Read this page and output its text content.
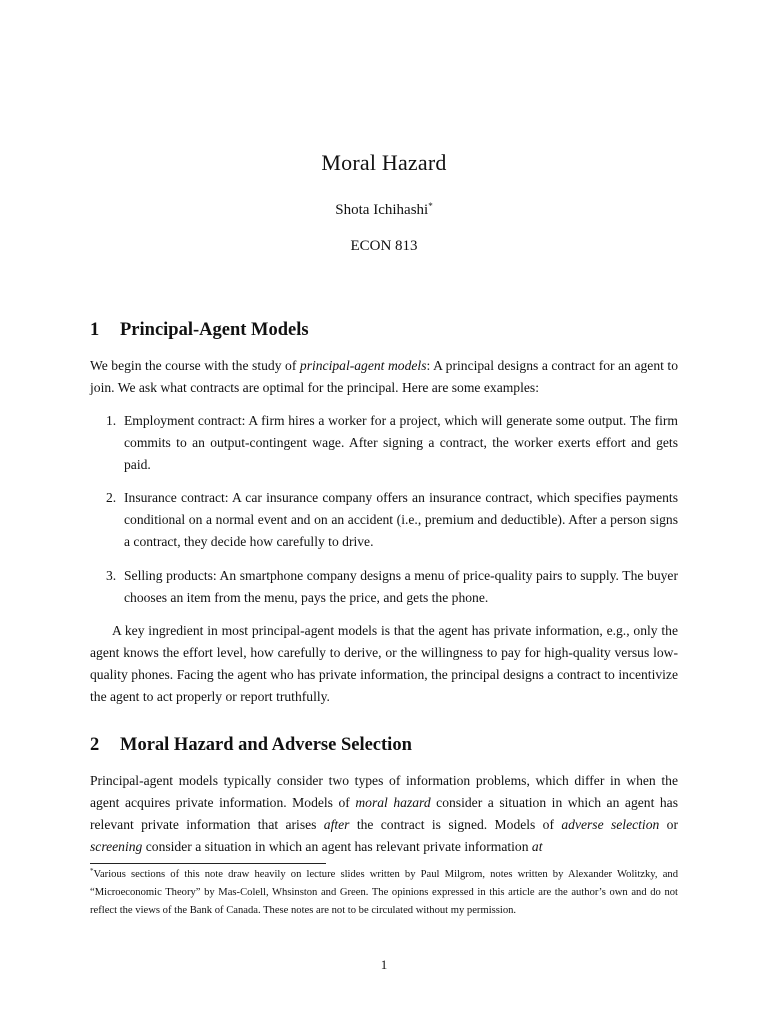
Moral Hazard
Shota Ichihashi*
ECON 813
1 Principal-Agent Models

We begin the course with the study of principal-agent models: A principal designs a contract for an agent to join. We ask what contracts are optimal for the principal. Here are some examples:

1. Employment contract: A firm hires a worker for a project, which will generate some output. The firm commits to an output-contingent wage. After signing a contract, the worker exerts effort and gets paid.
2. Insurance contract: A car insurance company offers an insurance contract, which specifies payments conditional on a normal event and on an accident (i.e., premium and deductible). After a person signs a contract, they decide how carefully to drive.
3. Selling products: An smartphone company designs a menu of price-quality pairs to supply. The buyer chooses an item from the menu, pays the price, and gets the phone.

A key ingredient in most principal-agent models is that the agent has private information, e.g., only the agent knows the effort level, how carefully to derive, or the willingness to pay for high-quality versus low-quality phones. Facing the agent who has private information, the principal designs a contract to incentivize the agent to act properly or report truthfully.

2 Moral Hazard and Adverse Selection

Principal-agent models typically consider two types of information problems, which differ in when the agent acquires private information. Models of moral hazard consider a situation in which an agent has relevant private information that arises after the contract is signed. Models of adverse selection or screening consider a situation in which an agent has relevant private information at

*Various sections of this note draw heavily on lecture slides written by Paul Milgrom, notes written by Alexander Wolitzky, and “Microeconomic Theory” by Mas-Colell, Whsinston and Green. The opinions expressed in this article are the author’s own and do not reflect the views of the Bank of Canada. These notes are not to be circulated without my permission.

1
